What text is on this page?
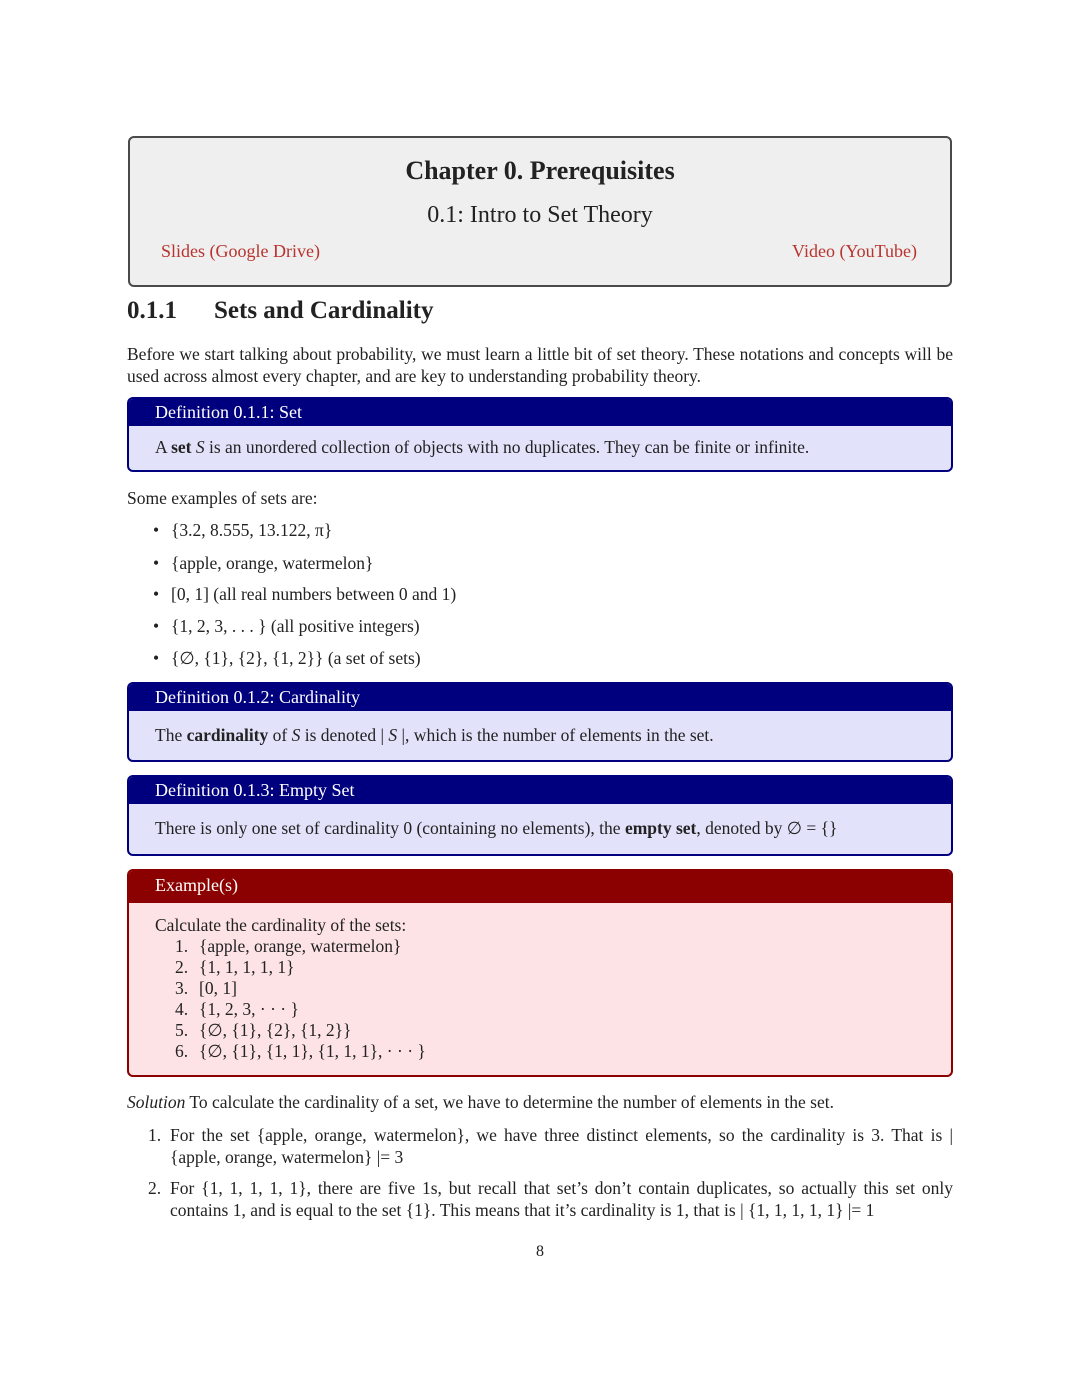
Chapter 0. Prerequisites
0.1: Intro to Set Theory
Slides (Google Drive)	Video (YouTube)
0.1.1 Sets and Cardinality
Before we start talking about probability, we must learn a little bit of set theory. These notations and concepts will be used across almost every chapter, and are key to understanding probability theory.
Definition 0.1.1: Set
A set S is an unordered collection of objects with no duplicates. They can be finite or infinite.
Some examples of sets are:
• {3.2, 8.555, 13.122, π}
• {apple, orange, watermelon}
• [0, 1] (all real numbers between 0 and 1)
• {1, 2, 3, . . . } (all positive integers)
• {∅, {1}, {2}, {1, 2}} (a set of sets)
Definition 0.1.2: Cardinality
The cardinality of S is denoted | S |, which is the number of elements in the set.
Definition 0.1.3: Empty Set
There is only one set of cardinality 0 (containing no elements), the empty set, denoted by ∅ = {}
Example(s)
Calculate the cardinality of the sets:
1. {apple, orange, watermelon}
2. {1, 1, 1, 1, 1}
3. [0, 1]
4. {1, 2, 3, · · · }
5. {∅, {1}, {2}, {1, 2}}
6. {∅, {1}, {1, 1}, {1, 1, 1}, · · · }
Solution To calculate the cardinality of a set, we have to determine the number of elements in the set.
1. For the set {apple, orange, watermelon}, we have three distinct elements, so the cardinality is 3. That is | {apple, orange, watermelon} |= 3
2. For {1, 1, 1, 1, 1}, there are five 1s, but recall that set’s don’t contain duplicates, so actually this set only contains 1, and is equal to the set {1}. This means that it’s cardinality is 1, that is | {1, 1, 1, 1, 1} |= 1
8
